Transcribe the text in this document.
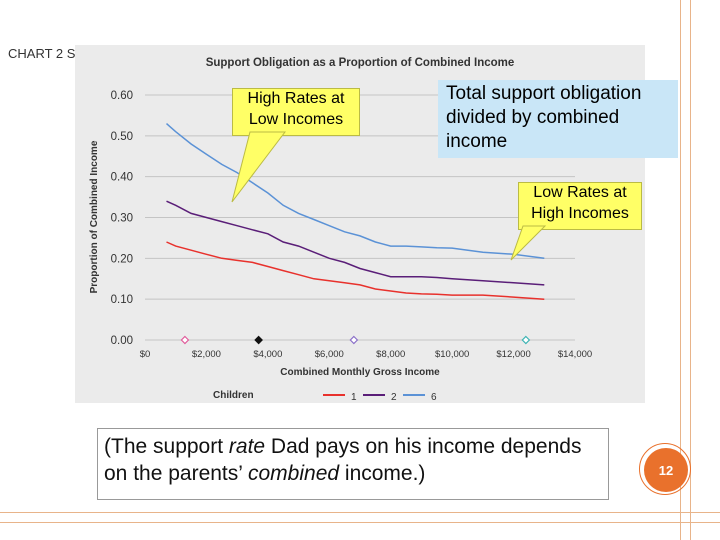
CHART 2 S
Support Obligation as a Proportion of Combined Income
0.00
0.10
0.20
0.30
0.40
0.50
0.60
$0	$2,000	$4,000	$6,000	$8,000	$10,000	$12,000	$14,000
Combined Monthly Gross Income
Proportion of Combined Income
Children	1	2	6
High Rates at Low Incomes
Low Rates at High Incomes
Total support obligation divided by combined income
(The support rate Dad pays on his income depends on the parents’ combined income.)	12
